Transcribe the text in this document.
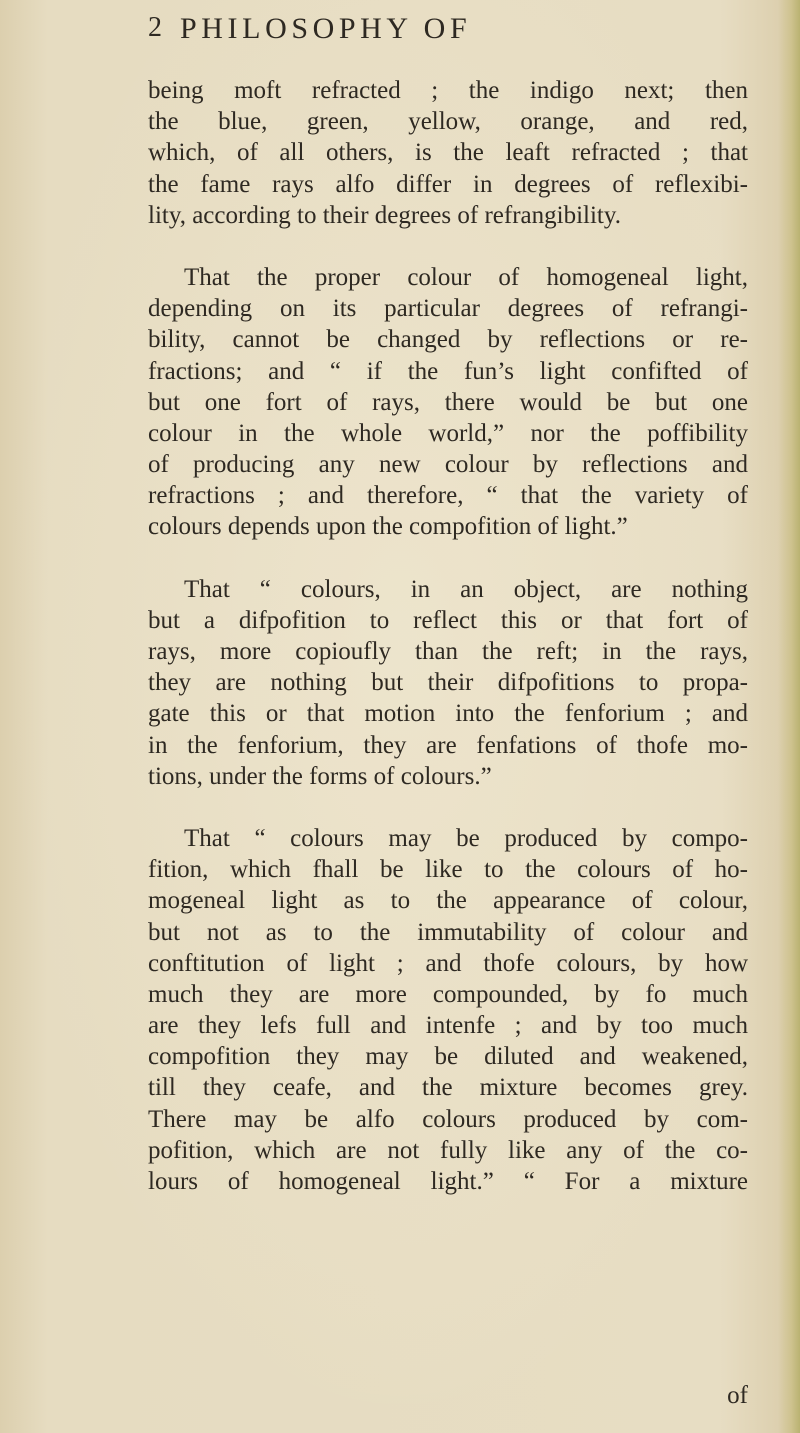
2 PHILOSOPHY OF

being moft refracted ; the indigo next; then
the blue, green, yellow, orange, and red,
which, of all others, is the leaft refracted ; that
the fame rays alfo differ in degrees of reflexibi-
lity, according to their degrees of refrangibility.

That the proper colour of homogeneal light,
depending on its particular degrees of refrangi-
bility, cannot be changed by reflections or re-
fractions; and “ if the fun’s light confifted of
but one fort of rays, there would be but one
colour in the whole world,” nor the poffibility
of producing any new colour by reflections and
refractions ; and therefore, “ that the variety of
colours depends upon the compofition of light.”

That “ colours, in an object, are nothing
but a difpofition to reflect this or that fort of
rays, more copioufly than the reft; in the rays,
they are nothing but their difpofitions to propa-
gate this or that motion into the fenforium ; and
in the fenforium, they are fenfations of thofe mo-
tions, under the forms of colours.”

That “ colours may be produced by compo-
fition, which fhall be like to the colours of ho-
mogeneal light as to the appearance of colour,
but not as to the immutability of colour and
conftitution of light ; and thofe colours, by how
much they are more compounded, by fo much
are they lefs full and intenfe ; and by too much
compofition they may be diluted and weakened,
till they ceafe, and the mixture becomes grey.
There may be alfo colours produced by com-
pofition, which are not fully like any of the co-
lours of homogeneal light.” “ For a mixture

of
